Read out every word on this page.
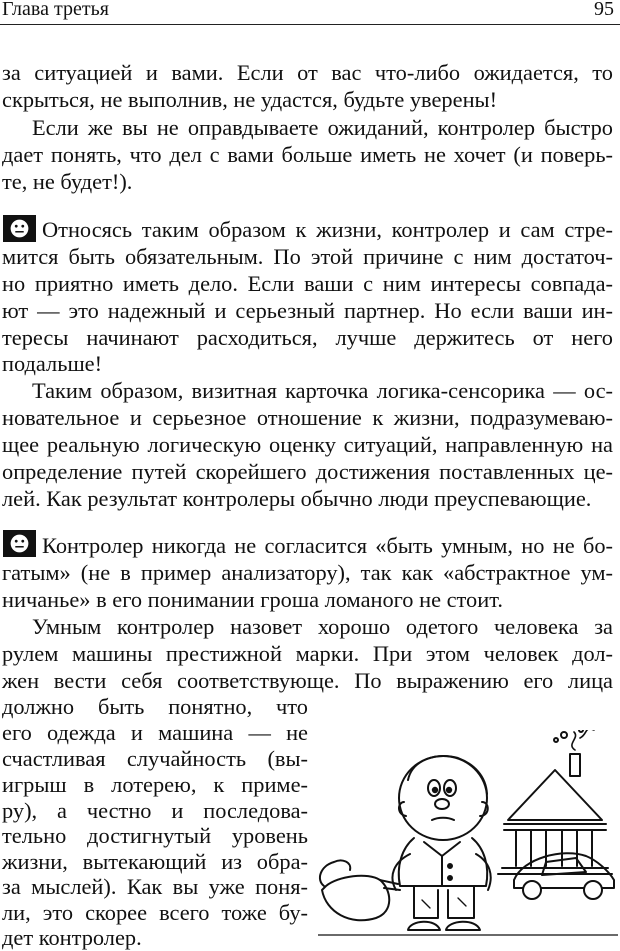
Глава третья	95
за ситуацией и вами. Если от вас что-либо ожидается, то
скрыться, не выполнив, не удастся, будьте уверены!
Если же вы не оправдываете ожиданий, контролер быстро
дает понять, что дел с вами больше иметь не хочет (и поверь-
те, не будет!).
Относясь таким образом к жизни, контролер и сам стре-
мится быть обязательным. По этой причине с ним достаточ-
но приятно иметь дело. Если ваши с ним интересы совпада-
ют — это надежный и серьезный партнер. Но если ваши ин-
тересы начинают расходиться, лучше держитесь от него
подальше!
Таким образом, визитная карточка логика-сенсорика — ос-
новательное и серьезное отношение к жизни, подразумеваю-
щее реальную логическую оценку ситуаций, направленную на
определение путей скорейшего достижения поставленных це-
лей. Как результат контролеры обычно люди преуспевающие.
Контролер никогда не согласится «быть умным, но не бо-
гатым» (не в пример анализатору), так как «абстрактное ум-
ничанье» в его понимании гроша ломаного не стоит.
Умным контролер назовет хорошо одетого человека за
рулем машины престижной марки. При этом человек дол-
жен вести себя соответствующе. По выражению его лица
должно быть понятно, что
его одежда и машина — не
счастливая случайность (вы-
игрыш в лотерею, к приме-
ру), а честно и последова-
тельно достигнутый уровень
жизни, вытекающий из обра-
за мыслей). Как вы уже поня-
ли, это скорее всего тоже бу-
дет контролер.
